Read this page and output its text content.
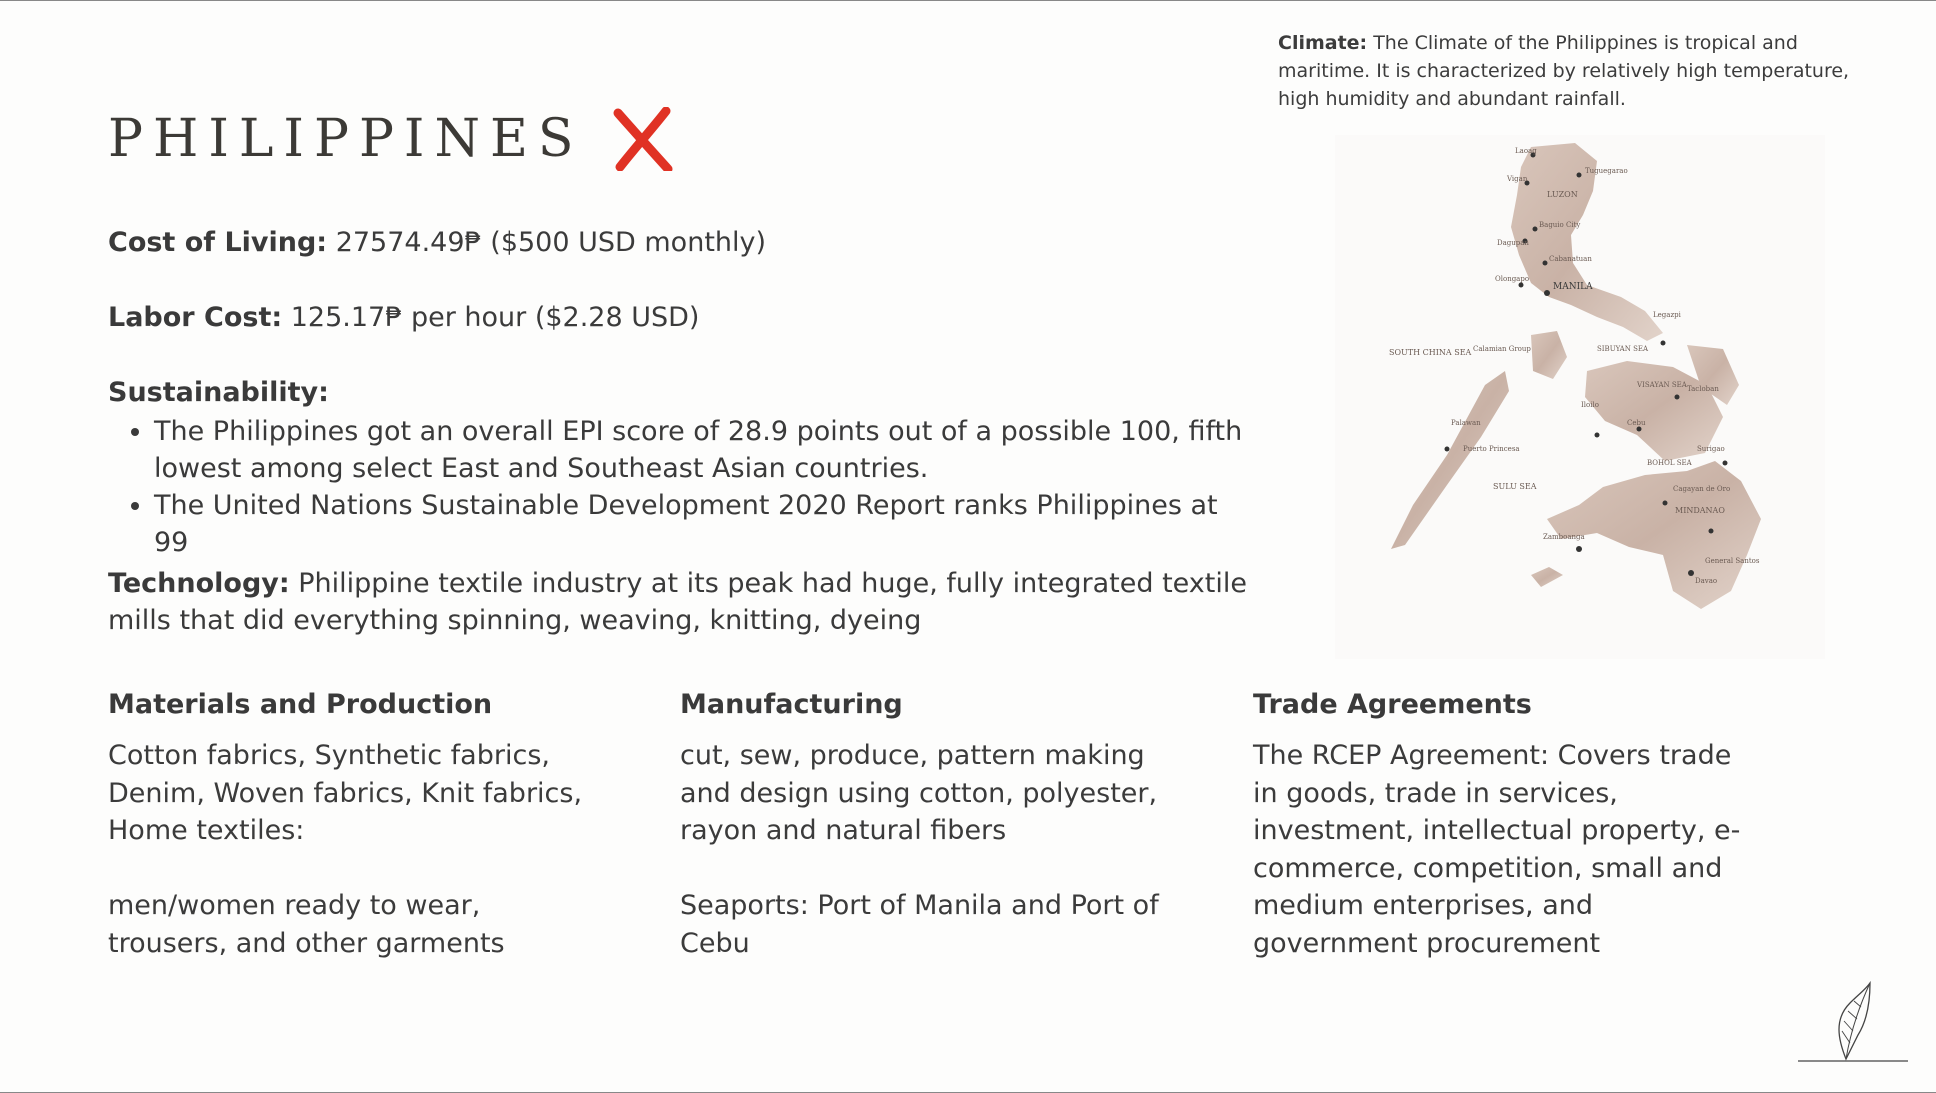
PHILIPPINES
Cost of Living: 27574.49₱ ($500 USD monthly)
Labor Cost: 125.17₱ per hour ($2.28 USD)
Sustainability:
• The Philippines got an overall EPI score of 28.9 points out of a possible 100, fifth lowest among select East and Southeast Asian countries.
• The United Nations Sustainable Development 2020 Report ranks Philippines at 99
Technology: Philippine textile industry at its peak had huge, fully integrated textile mills that did everything spinning, weaving, knitting, dyeing
Climate: The Climate of the Philippines is tropical and maritime. It is characterized by relatively high temperature, high humidity and abundant rainfall.
Laoag
Tuguegarao
Vigan
LUZON
Baguio City
Dagupan
Cabanatuan
MANILA
Olongapo
SOUTH CHINA SEA Calamian Group	SIBUYAN SEA
Legazpi
VISAYAN SEA
Palawan
Puerto Princesa
SULU SEA
Iloilo
Cebu
Tacloban
BOHOL SEA
Cagayan de Oro
MINDANAO
Zamboanga
Davao
Surigao
General Santos
Materials and Production
Cotton fabrics, Synthetic fabrics, Denim, Woven fabrics, Knit fabrics, Home textiles:
men/women ready to wear, trousers, and other garments
Manufacturing
cut, sew, produce, pattern making and design using cotton, polyester, rayon and natural fibers
Seaports: Port of Manila and Port of Cebu
Trade Agreements
The RCEP Agreement: Covers trade in goods, trade in services, investment, intellectual property, e-commerce, competition, small and medium enterprises, and government procurement
